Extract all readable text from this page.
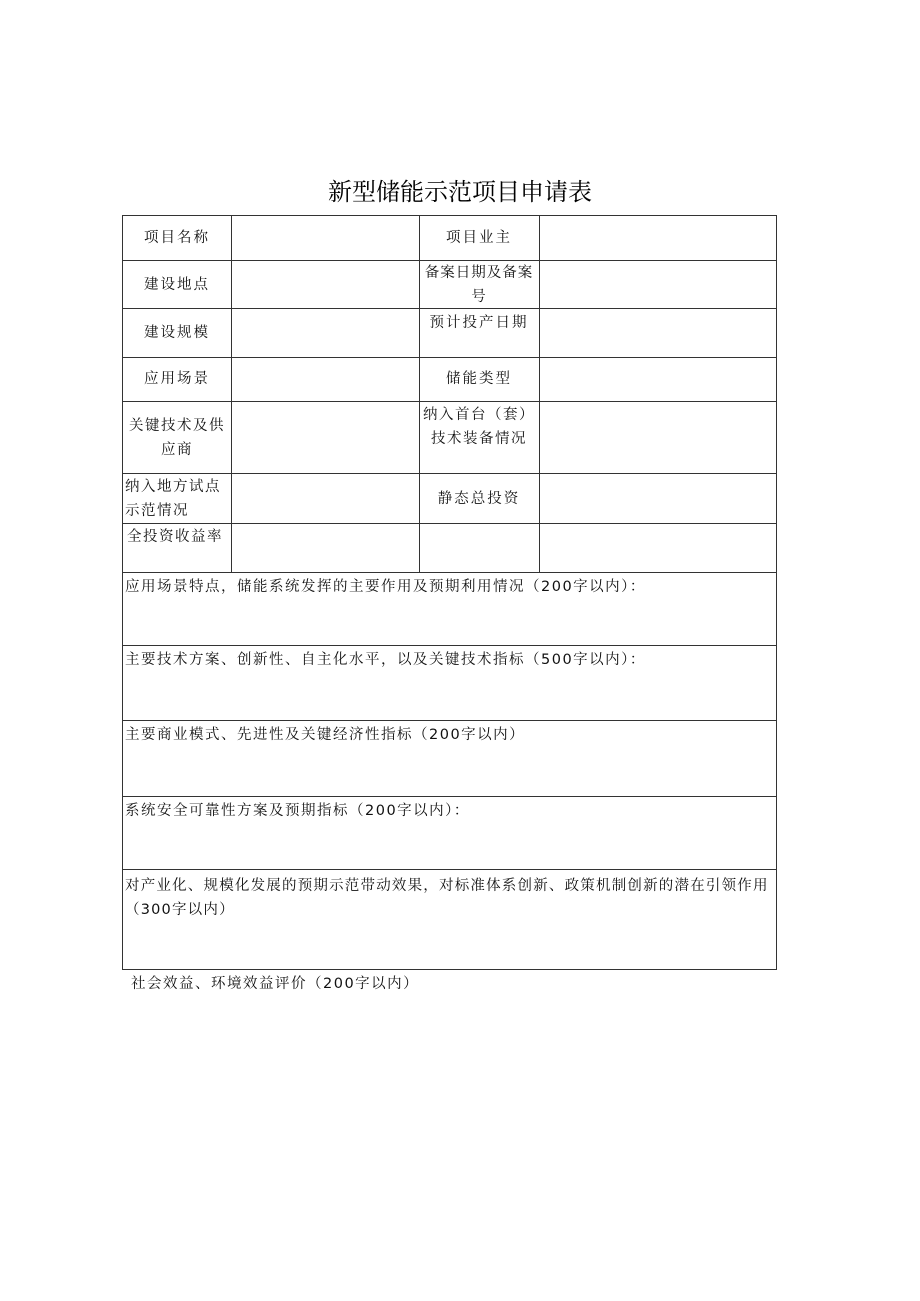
新型储能示范项目申请表
项目名称	项目业主
建设地点
备案日期及备案号
建设规模
预计投产日期
应用场景	储能类型
关键技术及供应商
纳入首台（套）技术装备情况
纳入地方试点示范情况
静态总投资
全投资收益率
应用场景特点，储能系统发挥的主要作用及预期利用情况（200字以内）：
主要技术方案、创新性、自主化水平，以及关键技术指标（500字以内）：
主要商业模式、先进性及关键经济性指标（200字以内）
系统安全可靠性方案及预期指标（200字以内）：
对产业化、规模化发展的预期示范带动效果，对标准体系创新、政策机制创新的潜在引领作用（300字以内）
社会效益、环境效益评价（200字以内）
